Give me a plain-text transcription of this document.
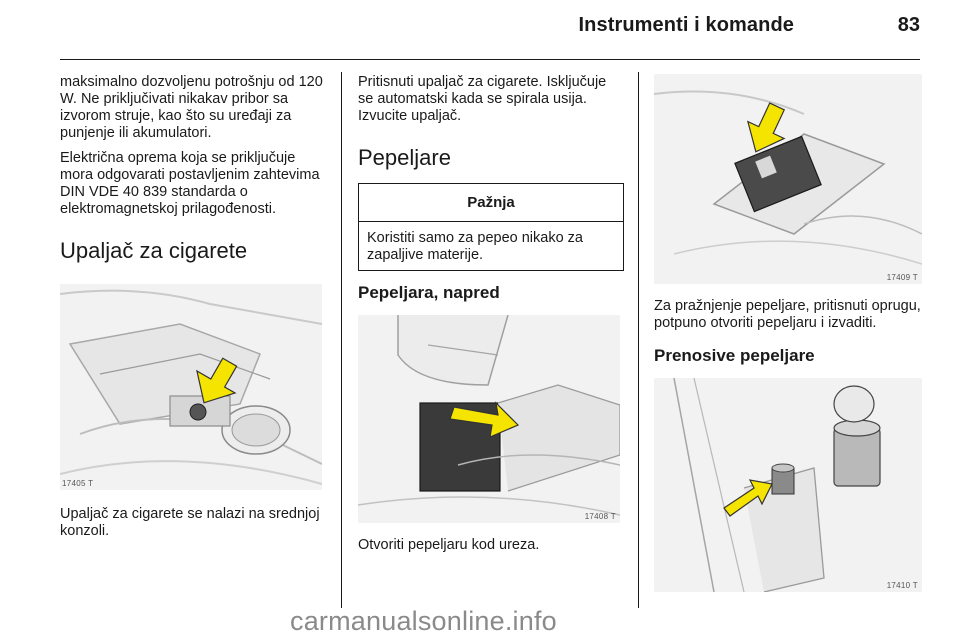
Instrumenti i komande	83

maksimalno dozvoljenu potrošnju od 120 W. Ne priključivati nikakav pribor sa izvorom struje, kao što su uređaji za punjenje ili akumulatori.

Električna oprema koja se priključuje mora odgovarati postavljenim zahtevima DIN VDE 40 839 standarda o elektromagnetskoj prilagođenosti.

Upaljač za cigarete
17405 T

Upaljač za cigarete se nalazi na srednjoj konzoli.

Pritisnuti upaljač za cigarete. Isključuje se automatski kada se spirala usija. Izvucite upaljač.

Pepeljare
Pažnja
Koristiti samo za pepeo nikako za zapaljive materije.
Pepeljara, napred
17408 T

Otvoriti pepeljaru kod ureza.

17409 T

Za pražnjenje pepeljare, pritisnuti oprugu, potpuno otvoriti pepeljaru i izvaditi.

Prenosive pepeljare
17410 T
carmanualsonline.info
